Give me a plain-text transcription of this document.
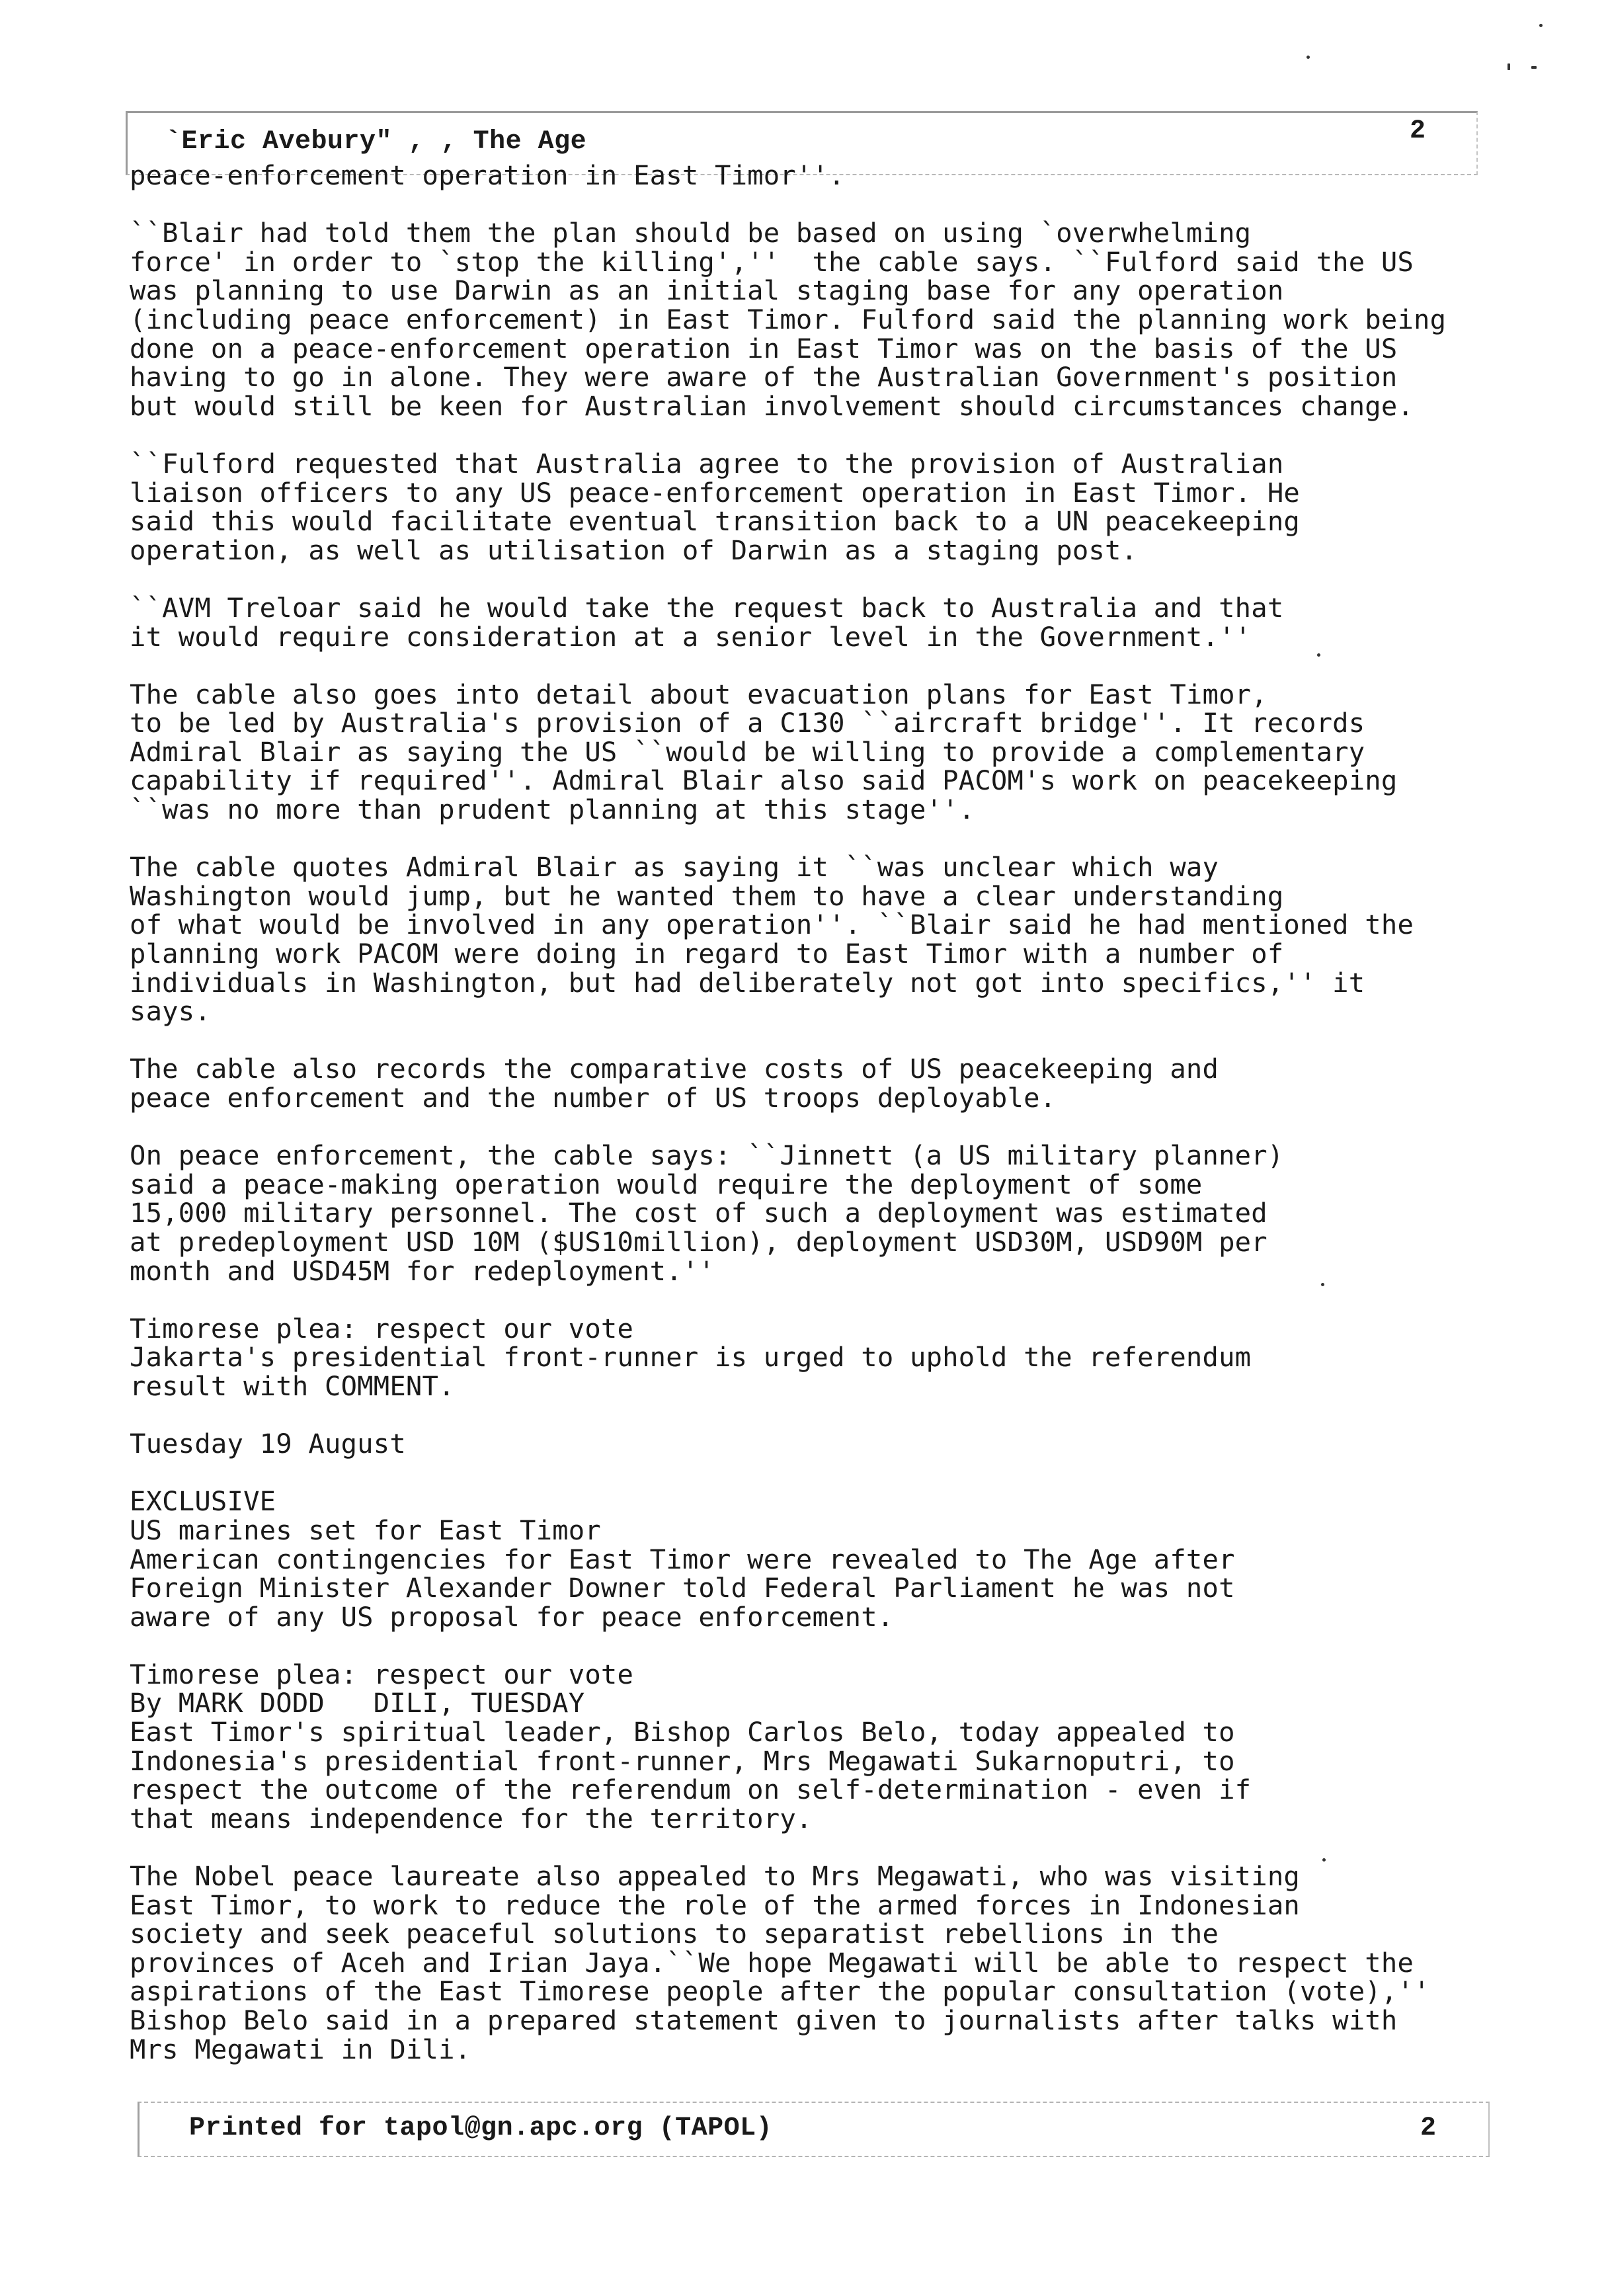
`Eric Avebury" , , The Age	2
peace-enforcement operation in East Timor''.

``Blair had told them the plan should be based on using `overwhelming
force' in order to `stop the killing',''  the cable says. ``Fulford said the US
was planning to use Darwin as an initial staging base for any operation
(including peace enforcement) in East Timor. Fulford said the planning work being
done on a peace-enforcement operation in East Timor was on the basis of the US
having to go in alone. They were aware of the Australian Government's position
but would still be keen for Australian involvement should circumstances change.

``Fulford requested that Australia agree to the provision of Australian
liaison officers to any US peace-enforcement operation in East Timor. He
said this would facilitate eventual transition back to a UN peacekeeping
operation, as well as utilisation of Darwin as a staging post.

``AVM Treloar said he would take the request back to Australia and that
it would require consideration at a senior level in the Government.''

The cable also goes into detail about evacuation plans for East Timor,
to be led by Australia's provision of a C130 ``aircraft bridge''. It records
Admiral Blair as saying the US ``would be willing to provide a complementary
capability if required''. Admiral Blair also said PACOM's work on peacekeeping
``was no more than prudent planning at this stage''.

The cable quotes Admiral Blair as saying it ``was unclear which way
Washington would jump, but he wanted them to have a clear understanding
of what would be involved in any operation''. ``Blair said he had mentioned the
planning work PACOM were doing in regard to East Timor with a number of
individuals in Washington, but had deliberately not got into specifics,'' it
says.

The cable also records the comparative costs of US peacekeeping and
peace enforcement and the number of US troops deployable.

On peace enforcement, the cable says: ``Jinnett (a US military planner)
said a peace-making operation would require the deployment of some
15,000 military personnel. The cost of such a deployment was estimated
at predeployment USD 10M ($US10million), deployment USD30M, USD90M per
month and USD45M for redeployment.''

Timorese plea: respect our vote
Jakarta's presidential front-runner is urged to uphold the referendum
result with COMMENT.

Tuesday 19 August

EXCLUSIVE
US marines set for East Timor
American contingencies for East Timor were revealed to The Age after
Foreign Minister Alexander Downer told Federal Parliament he was not
aware of any US proposal for peace enforcement.

Timorese plea: respect our vote
By MARK DODD   DILI, TUESDAY
East Timor's spiritual leader, Bishop Carlos Belo, today appealed to
Indonesia's presidential front-runner, Mrs Megawati Sukarnoputri, to
respect the outcome of the referendum on self-determination - even if
that means independence for the territory.

The Nobel peace laureate also appealed to Mrs Megawati, who was visiting
East Timor, to work to reduce the role of the armed forces in Indonesian
society and seek peaceful solutions to separatist rebellions in the
provinces of Aceh and Irian Jaya.``We hope Megawati will be able to respect the
aspirations of the East Timorese people after the popular consultation (vote),''
Bishop Belo said in a prepared statement given to journalists after talks with
Mrs Megawati in Dili.

Printed for tapol@gn.apc.org (TAPOL)	2
